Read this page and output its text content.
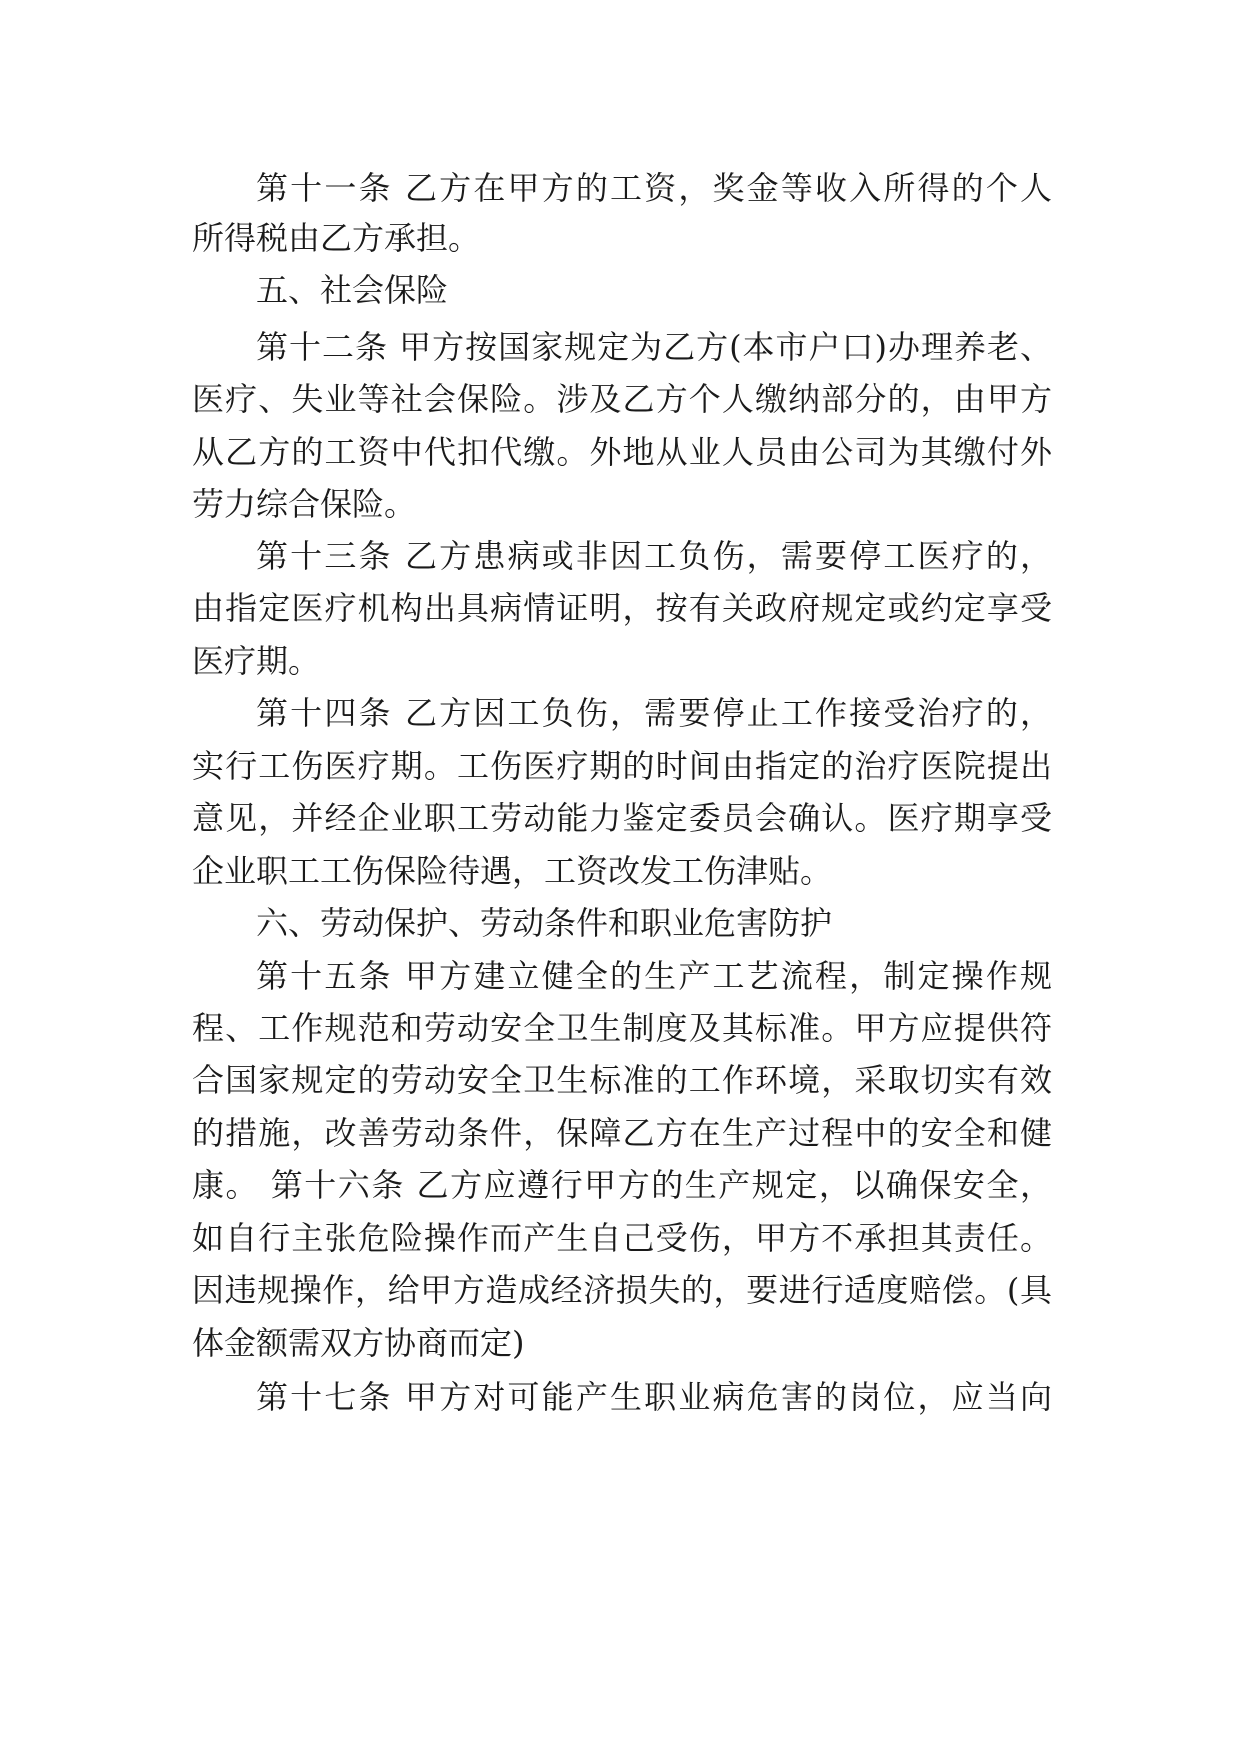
第十一条 乙方在甲方的工资，奖金等收入所得的个人
所得税由乙方承担。
五、社会保险
第十二条 甲方按国家规定为乙方(本市户口)办理养老、
医疗、失业等社会保险。涉及乙方个人缴纳部分的，由甲方
从乙方的工资中代扣代缴。外地从业人员由公司为其缴付外
劳力综合保险。
第十三条 乙方患病或非因工负伤，需要停工医疗的，
由指定医疗机构出具病情证明，按有关政府规定或约定享受
医疗期。
第十四条 乙方因工负伤，需要停止工作接受治疗的，
实行工伤医疗期。工伤医疗期的时间由指定的治疗医院提出
意见，并经企业职工劳动能力鉴定委员会确认。医疗期享受
企业职工工伤保险待遇，工资改发工伤津贴。
六、劳动保护、劳动条件和职业危害防护
第十五条 甲方建立健全的生产工艺流程，制定操作规
程、工作规范和劳动安全卫生制度及其标准。甲方应提供符
合国家规定的劳动安全卫生标准的工作环境，采取切实有效
的措施，改善劳动条件，保障乙方在生产过程中的安全和健
康。 第十六条 乙方应遵行甲方的生产规定，以确保安全，
如自行主张危险操作而产生自己受伤，甲方不承担其责任。
因违规操作，给甲方造成经济损失的，要进行适度赔偿。(具
体金额需双方协商而定)
第十七条 甲方对可能产生职业病危害的岗位，应当向
